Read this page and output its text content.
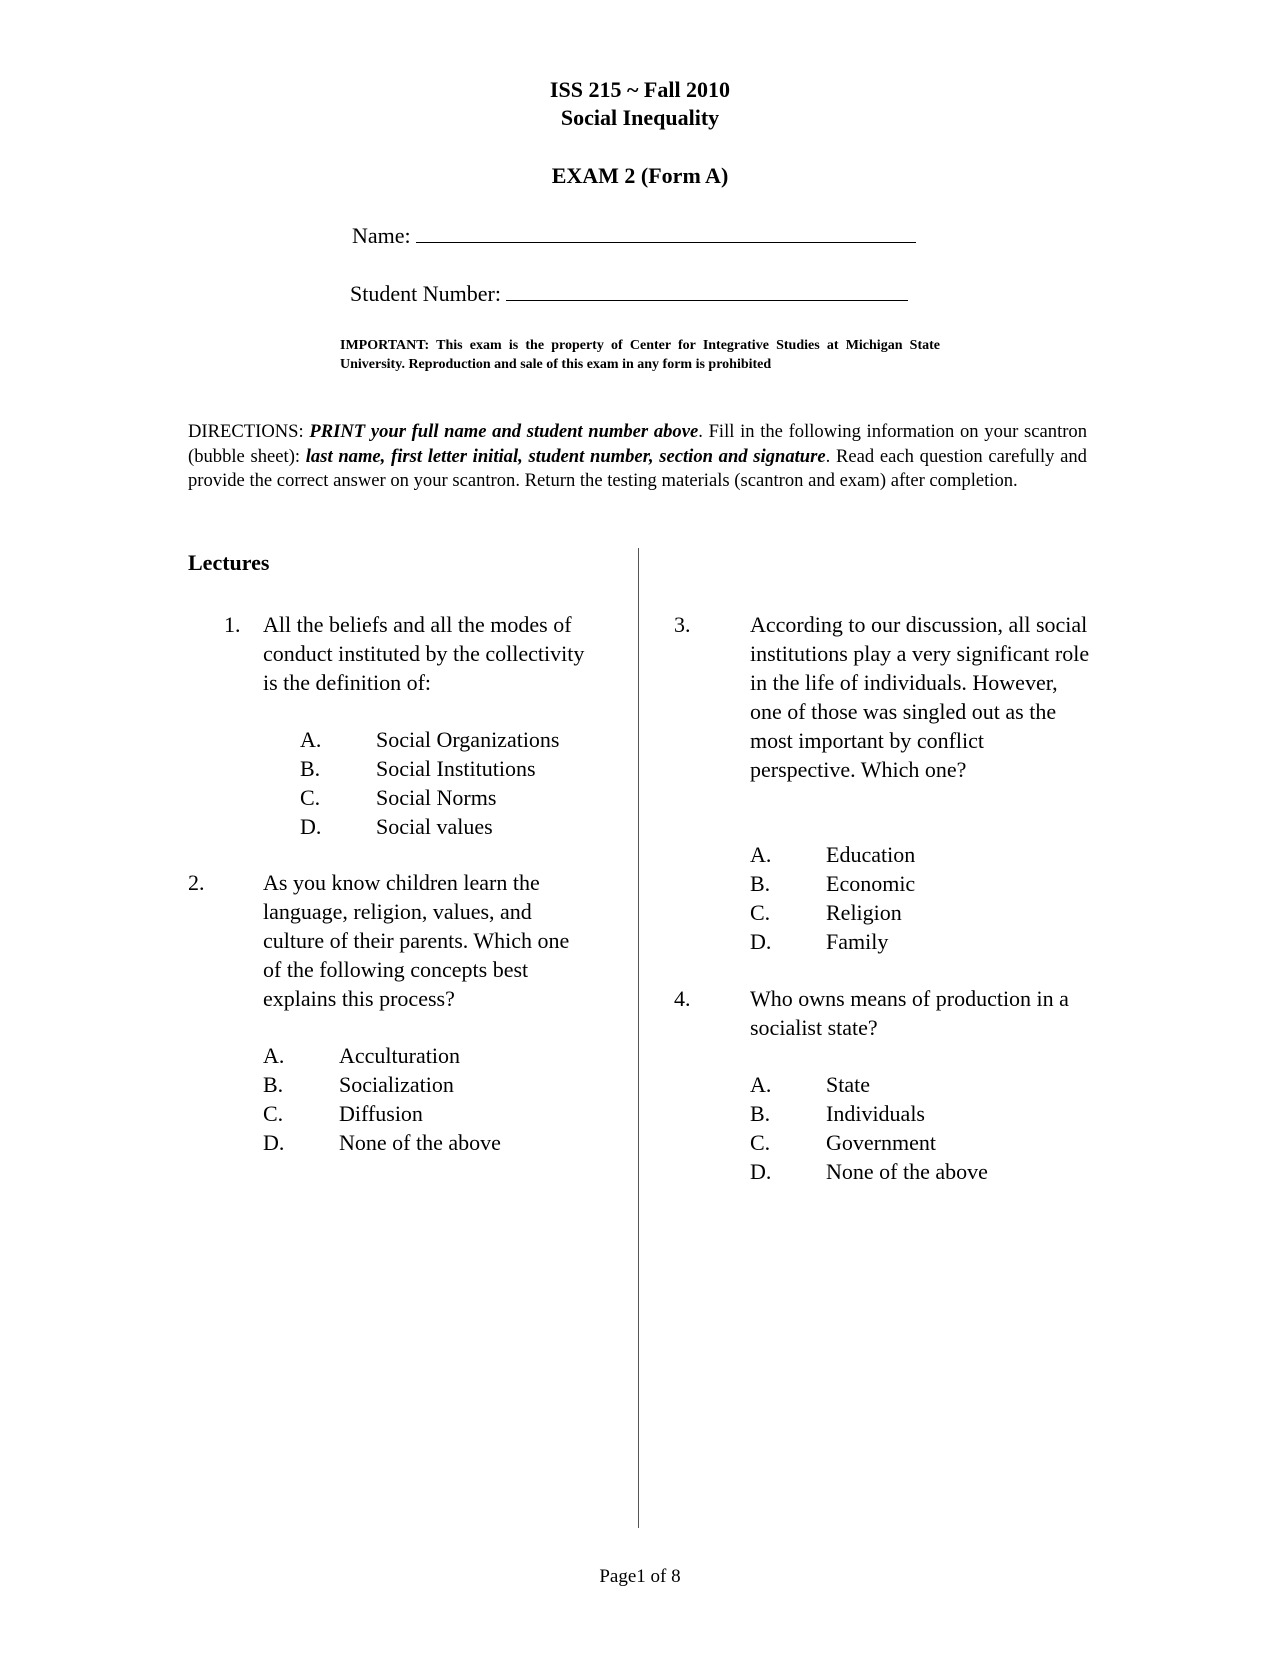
ISS 215 ~ Fall 2010
Social Inequality
EXAM 2 (Form A)
Name:
Student Number:
IMPORTANT: This exam is the property of Center for Integrative Studies at Michigan State University. Reproduction and sale of this exam in any form is prohibited
DIRECTIONS: PRINT your full name and student number above. Fill in the following information on your scantron (bubble sheet): last name, first letter initial, student number, section and signature. Read each question carefully and provide the correct answer on your scantron. Return the testing materials (scantron and exam) after completion.
Lectures
1. All the beliefs and all the modes of conduct instituted by the collectivity is the definition of:
A. Social Organizations
B.	Social Institutions
C.	Social Norms
D. Social values
2.	As you know children learn the language, religion, values, and culture of their parents. Which one of the following concepts best explains this process?
A. Acculturation
B.	Socialization
C.	Diffusion
D. None of the above
3.	According to our discussion, all social institutions play a very significant role in the life of individuals. However, one of those was singled out as the most important by conflict perspective. Which one?
A. Education
B.	Economic
C.	Religion
D. Family
4.	Who owns means of production in a socialist state?
A. State
B.	Individuals
C.	Government
D. None of the above
Page1 of 8
